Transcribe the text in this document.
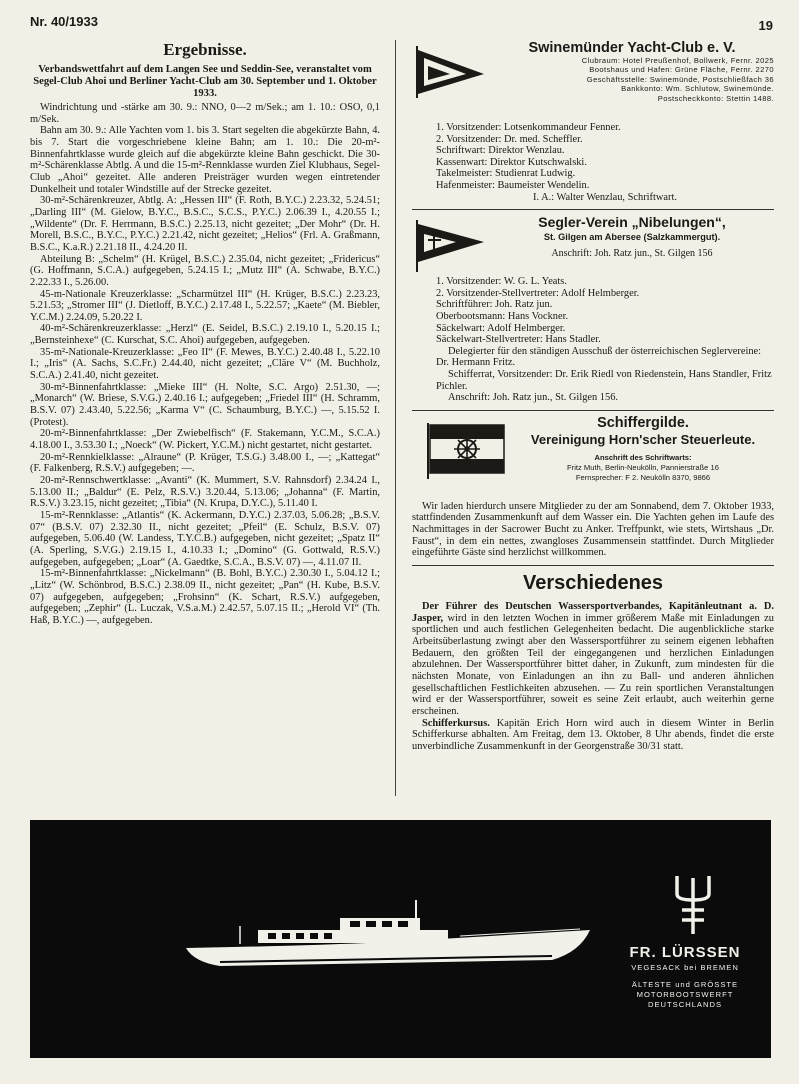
Nr. 40/1933	19
Ergebnisse.
Verbandswettfahrt auf dem Langen See und Seddin-See, veranstaltet vom Segel-Club Ahoi und Berliner Yacht-Club am 30. September und 1. Oktober 1933.

Windrichtung und -stärke am 30. 9.: NNO, 0—2 m/Sek.; am 1. 10.: OSO, 0,1 m/Sek.

Bahn am 30. 9.: Alle Yachten vom 1. bis 3. Start segelten die abgekürzte Bahn, 4. bis 7. Start die vorgeschriebene kleine Bahn; am 1. 10.: Die 20-m²-Binnenfahrtklasse wurde gleich auf die abgekürzte kleine Bahn geschickt. Die 30-m²-Schärenklasse Abtlg. A und die 15-m²-Rennklasse wurden Ziel Klubhaus, Segel-Club „Ahoi“ gezeitet. Alle anderen Preisträger wurden wegen eintretender Dunkelheit und totaler Windstille auf der Strecke gezeitet.

30-m²-Schärenkreuzer, Abtlg. A: „Hessen III“ (F. Roth, B.Y.C.) 2.23.32, 5.24.51; „Darling III“ (M. Gielow, B.Y.C., B.S.C., S.C.S., P.Y.C.) 2.06.39 I., 4.20.55 I.; „Wildente“ (Dr. F. Herrmann, B.S.C.) 2.25.13, nicht gezeitet; „Der Mohr“ (Dr. H. Morell, B.S.C., B.Y.C., P.Y.C.) 2.21.42, nicht gezeitet; „Helios“ (Frl. A. Graßmann, B.S.C., K.a.R.) 2.21.18 II., 4.24.20 II.

Abteilung B: „Schelm“ (H. Krügel, B.S.C.) 2.35.04, nicht gezeitet; „Fridericus“ (G. Hoffmann, S.C.A.) aufgegeben, 5.24.15 I.; „Mutz III“ (A. Schwabe, B.Y.C.) 2.22.33 I., 5.26.00.

45-m-Nationale Kreuzerklasse: „Scharmützel III“ (H. Krüger, B.S.C.) 2.23.23, 5.21.53; „Stromer III“ (J. Dietloff, B.Y.C.) 2.17.48 I., 5.22.57; „Kaete“ (M. Biebler, Y.C.M.) 2.24.09, 5.20.22 I.

40-m²-Schärenkreuzerklasse: „Herzl“ (E. Seidel, B.S.C.) 2.19.10 I., 5.20.15 I.; „Bernsteinhexe“ (C. Kurschat, S.C. Ahoi) aufgegeben, aufgegeben.

35-m²-Nationale-Kreuzerklasse: „Feo II“ (F. Mewes, B.Y.C.) 2.40.48 I., 5.22.10 I.; „Iris“ (A. Sachs, S.C.Fr.) 2.44.40, nicht gezeitet; „Cläre V“ (M. Buchholz, S.C.A.) 2.41.40, nicht gezeitet.

30-m²-Binnenfahrtklasse: „Mieke III“ (H. Nolte, S.C. Argo) 2.51.30, —; „Monarch“ (W. Briese, S.V.G.) 2.40.16 I.; aufgegeben; „Friedel III“ (H. Schramm, B.S.V. 07) 2.43.40, 5.22.56; „Karma V“ (C. Schaumburg, B.Y.C.) —, 5.15.52 I. (Protest).

20-m²-Binnenfahrtklasse: „Der Zwiebelfisch“ (F. Stakemann, Y.C.M., S.C.A.) 4.18.00 I., 3.53.30 I.; „Noeck“ (W. Pickert, Y.C.M.) nicht gestartet, nicht gestartet.

20-m²-Rennkielklasse: „Alraune“ (P. Krüger, T.S.G.) 3.48.00 I., —; „Kattegat“ (F. Falkenberg, R.S.V.) aufgegeben; —.

20-m²-Rennschwertklasse: „Avanti“ (K. Mummert, S.V. Rahnsdorf) 2.34.24 I., 5.13.00 II.; „Baldur“ (E. Pelz, R.S.V.) 3.20.44, 5.13.06; „Johanna“ (F. Martin, R.S.V.) 3.23.15, nicht gezeitet; „Tibia“ (N. Krupa, D.Y.C.), 5.11.40 I.

15-m²-Rennklasse: „Atlantis“ (K. Ackermann, D.Y.C.) 2.37.03, 5.06.28; „B.S.V. 07“ (B.S.V. 07) 2.32.30 II., nicht gezeitet; „Pfeil“ (E. Schulz, B.S.V. 07) aufgegeben, 5.06.40 (W. Landess, T.Y.C.B.) aufgegeben, nicht gezeitet; „Spatz II“ (A. Sperling, S.V.G.) 2.19.15 I., 4.10.33 I.; „Domino“ (G. Gottwald, R.S.V.) aufgegeben, aufgegeben; „Loar“ (A. Gaedtke, S.C.A., B.S.V. 07) —, 4.11.07 II.

15-m²-Binnenfahrtklasse: „Nickelmann“ (B. Bohl, B.Y.C.) 2.30.30 I., 5.04.12 I.; „Litz“ (W. Schönbrod, B.S.C.) 2.38.09 II., nicht gezeitet; „Pan“ (H. Kube, B.S.V. 07) aufgegeben, aufgegeben; „Frohsinn“ (K. Schart, R.S.V.) aufgegeben, aufgegeben; „Zephir“ (L. Luczak, V.S.a.M.) 2.42.57, 5.07.15 II.; „Herold VI“ (Th. Haß, B.Y.C.) —, aufgegeben.

Swinemünder Yacht-Club e. V.
Clubraum: Hotel Preußenhof, Bollwerk, Fernr. 2025
Bootshaus und Hafen: Grüne Fläche, Fernr. 2270
Geschäftsstelle: Swinemünde, Postschließfach 36
Bankkonto: Wm. Schlutow, Swinemünde.
Postscheckkonto: Stettin 1488.
1. Vorsitzender: Lotsenkommandeur Fenner.
2. Vorsitzender: Dr. med. Scheffler.
Schriftwart: Direktor Wenzlau.
Kassenwart: Direktor Kutschwalski.
Takelmeister: Studienrat Ludwig.
Hafenmeister: Baumeister Wendelin.
I. A.: Walter Wenzlau, Schriftwart.
Segler-Verein „Nibelungen“,
St. Gilgen am Abersee (Salzkammergut).
Anschrift: Joh. Ratz jun., St. Gilgen 156
1. Vorsitzender: W. G. L. Yeats.
2. Vorsitzender-Stellvertreter: Adolf Helmberger.
Schriftführer: Joh. Ratz jun.
Oberbootsmann: Hans Vockner.
Säckelwart: Adolf Helmberger.
Säckelwart-Stellvertreter: Hans Stadler.
Delegierter für den ständigen Ausschuß der österreichischen Seglervereine: Dr. Hermann Fritz.
Schifferrat, Vorsitzender: Dr. Erik Riedl von Riedenstein, Hans Standler, Fritz Pichler.
Anschrift: Joh. Ratz jun., St. Gilgen 156.
Schiffergilde.
Vereinigung Horn'scher Steuerleute.
Anschrift des Schriftwarts:
Fritz Muth, Berlin-Neukölln, Pannierstraße 16
Fernsprecher: F 2. Neukölln 8370, 9866

Wir laden hierdurch unsere Mitglieder zu der am Sonnabend, dem 7. Oktober 1933, stattfindenden Zusammenkunft auf dem Wasser ein. Die Yachten gehen im Laufe des Nachmittages in der Sacrower Bucht zu Anker. Treffpunkt, wie stets, Wirtshaus „Dr. Faust“, in dem ein nettes, zwangloses Zusammensein stattfindet. Durch Mitglieder eingeführte Gäste sind herzlichst willkommen.

Verschiedenes

Der Führer des Deutschen Wassersportverbandes, Kapitänleutnant a. D. Jasper, wird in den letzten Wochen in immer größerem Maße mit Einladungen zu sportlichen und auch festlichen Gelegenheiten bedacht. Die augenblickliche starke Arbeitsüberlastung zwingt aber den Wassersportführer zu seinem eigenen lebhaften Bedauern, den größten Teil der eingegangenen und herzlichen Einladungen abzulehnen. Der Wassersportführer bittet daher, in Zukunft, zum mindesten für die nächsten Monate, von Einladungen an ihn zu Ball- und anderen ähnlichen gesellschaftlichen Festlichkeiten abzusehen. — Zu rein sportlichen Veranstaltungen wird er der Wassersportführer, soweit es seine Zeit erlaubt, auch weiterhin gerne erscheinen.

Schifferkursus. Kapitän Erich Horn wird auch in diesem Winter in Berlin Schifferkurse abhalten. Am Freitag, dem 13. Oktober, 8 Uhr abends, findet die erste unverbindliche Zusammenkunft in der Georgenstraße 30/31 statt.

FR. LÜRSSEN
VEGESACK bei BREMEN
ÄLTESTE und GRÖSSTE
MOTORBOOTSWERFT
DEUTSCHLANDS
